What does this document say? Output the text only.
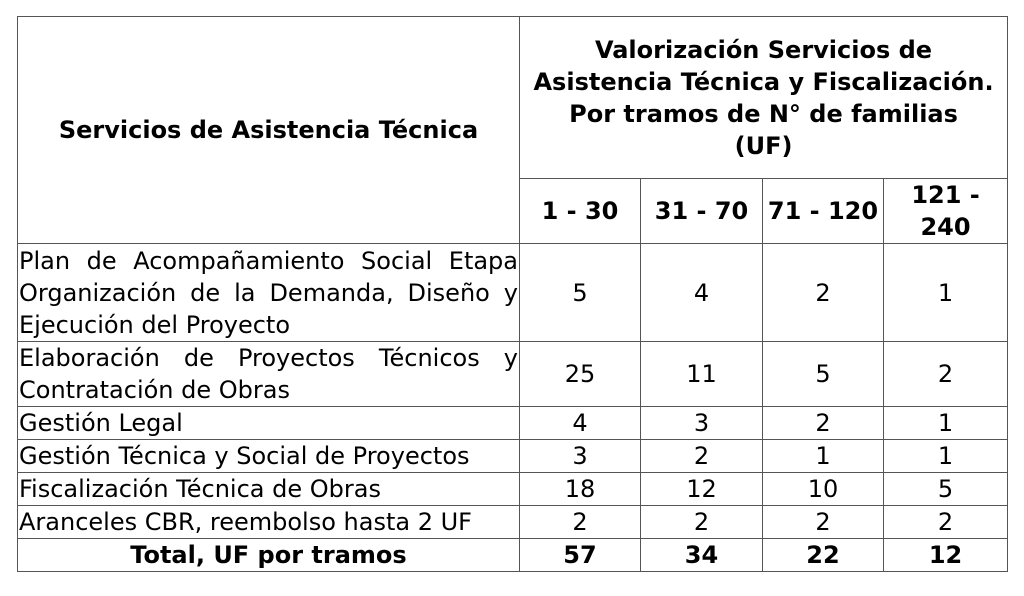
Servicios de Asistencia Técnica	Valorización Servicios de Asistencia Técnica y Fiscalización. Por tramos de N° de familias
(UF)			

	1 - 30	31 - 70	71 - 120	121 - 240
Plan de Acompañamiento Social Etapa Organización de la Demanda, Diseño y Ejecución del Proyecto	5	4	2	1
Elaboración de Proyectos Técnicos y Contratación de Obras	25	11	5	2
Gestión Legal	4	3	2	1
Gestión Técnica y Social de Proyectos	3	2	1	1
Fiscalización Técnica de Obras	18	12	10	5
Aranceles CBR, reembolso hasta 2 UF	2	2	2	2
Total, UF por tramos	57	34	22	12
